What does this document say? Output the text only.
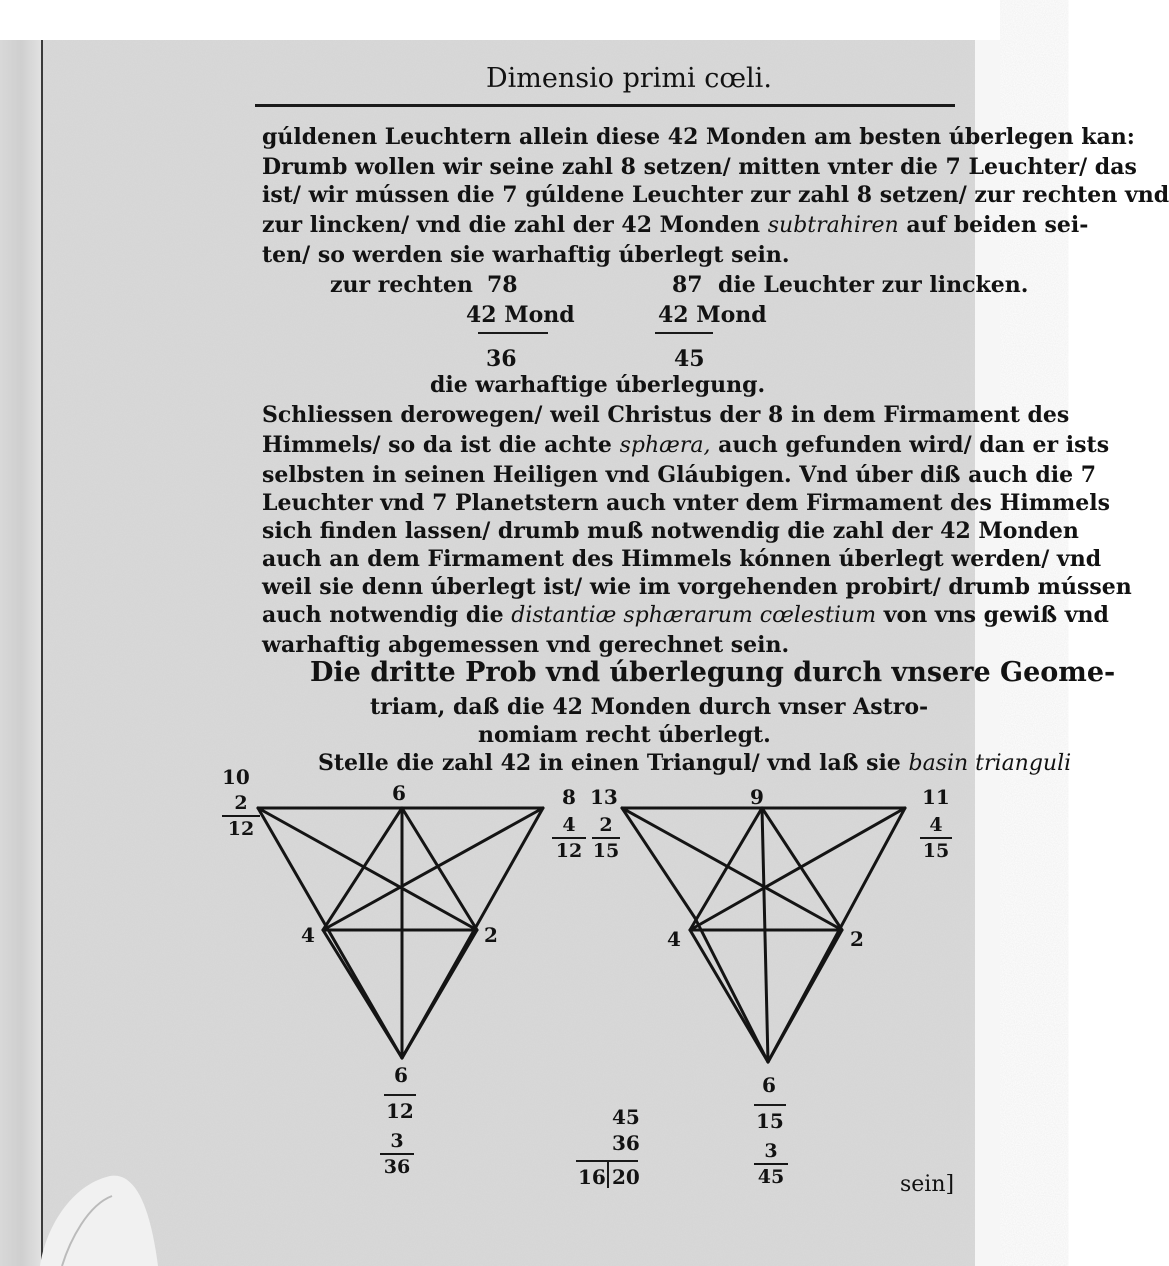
Dimensio primi cœli.
gúldenen Leuchtern allein diese 42 Monden am besten úberlegen kan:
Drumb wollen wir seine zahl 8 setzen/ mitten vnter die 7 Leuchter/ das
ist/ wir mússen die 7 gúldene Leuchter zur zahl 8 setzen/ zur rechten vnd
zur lincken/ vnd die zahl der 42 Monden subtrahiren auf beiden sei-
ten/ so werden sie warhaftig úberlegt sein.
zur rechten 78
42 Mond
36
87 die Leuchter zur lincken.
42 Mond
45
die warhaftige úberlegung.
Schliessen derowegen/ weil Christus der 8 in dem Firmament des
Himmels/ so da ist die achte sphæra, auch gefunden wird/ dan er ists
selbsten in seinen Heiligen vnd Gláubigen. Vnd úber diß auch die 7
Leuchter vnd 7 Planetstern auch vnter dem Firmament des Himmels
sich finden lassen/ drumb muß notwendig die zahl der 42 Monden
auch an dem Firmament des Himmels kónnen úberlegt werden/ vnd
weil sie denn úberlegt ist/ wie im vorgehenden probirt/ drumb mússen
auch notwendig die distantiæ sphærarum cœlestium von vns gewiß vnd
warhaftig abgemessen vnd gerechnet sein.
Die dritte Prob vnd úberlegung durch vnsere Geome-
triam, daß die 42 Monden durch vnser Astro-
nomiam recht úberlegt.
Stelle die zahl 42 in einen Triangul/ vnd laß sie basin trianguli
10
2
12
6
4	2
6
12
3
36
8
4
12
13
2
15
45
36
16 20
9	11
4
15
4	2
6
15
3
45	sein]
